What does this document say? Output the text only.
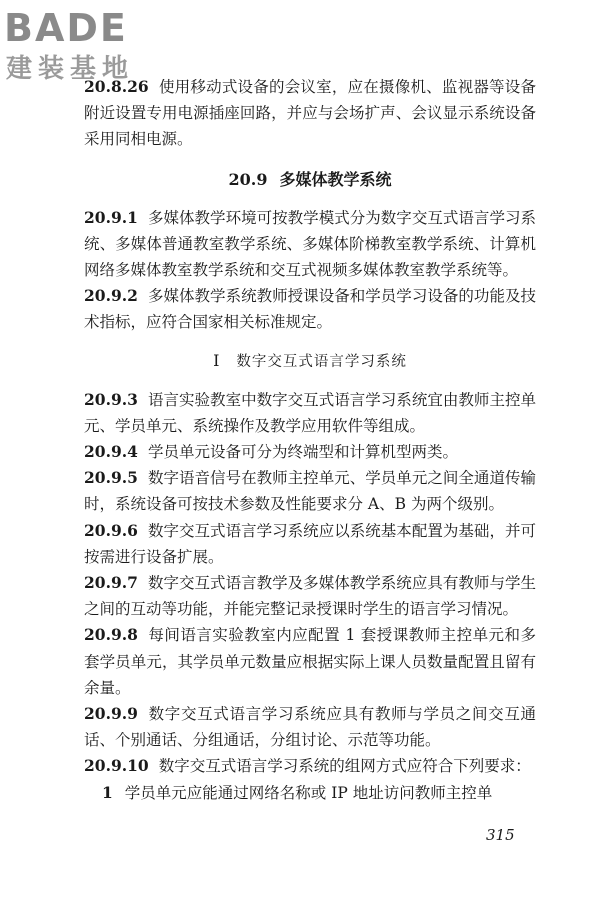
BADE
建装基地

20.8.26 使用移动式设备的会议室，应在摄像机、监视器等设备附近设置专用电源插座回路，并应与会场扩声、会议显示系统设备采用同相电源。

20.9 多媒体教学系统

20.9.1 多媒体教学环境可按教学模式分为数字交互式语言学习系统、多媒体普通教室教学系统、多媒体阶梯教室教学系统、计算机网络多媒体教室教学系统和交互式视频多媒体教室教学系统等。

20.9.2 多媒体教学系统教师授课设备和学员学习设备的功能及技术指标，应符合国家相关标准规定。

Ⅰ 数字交互式语言学习系统

20.9.3 语言实验教室中数字交互式语言学习系统宜由教师主控单元、学员单元、系统操作及教学应用软件等组成。

20.9.4 学员单元设备可分为终端型和计算机型两类。

20.9.5 数字语音信号在教师主控单元、学员单元之间全通道传输时，系统设备可按技术参数及性能要求分 A、B 为两个级别。

20.9.6 数字交互式语言学习系统应以系统基本配置为基础，并可按需进行设备扩展。

20.9.7 数字交互式语言教学及多媒体教学系统应具有教师与学生之间的互动等功能，并能完整记录授课时学生的语言学习情况。

20.9.8 每间语言实验教室内应配置 1 套授课教师主控单元和多套学员单元，其学员单元数量应根据实际上课人员数量配置且留有余量。

20.9.9 数字交互式语言学习系统应具有教师与学员之间交互通话、个别通话、分组通话，分组讨论、示范等功能。

20.9.10 数字交互式语言学习系统的组网方式应符合下列要求：

1 学员单元应能通过网络名称或 IP 地址访问教师主控单

315
